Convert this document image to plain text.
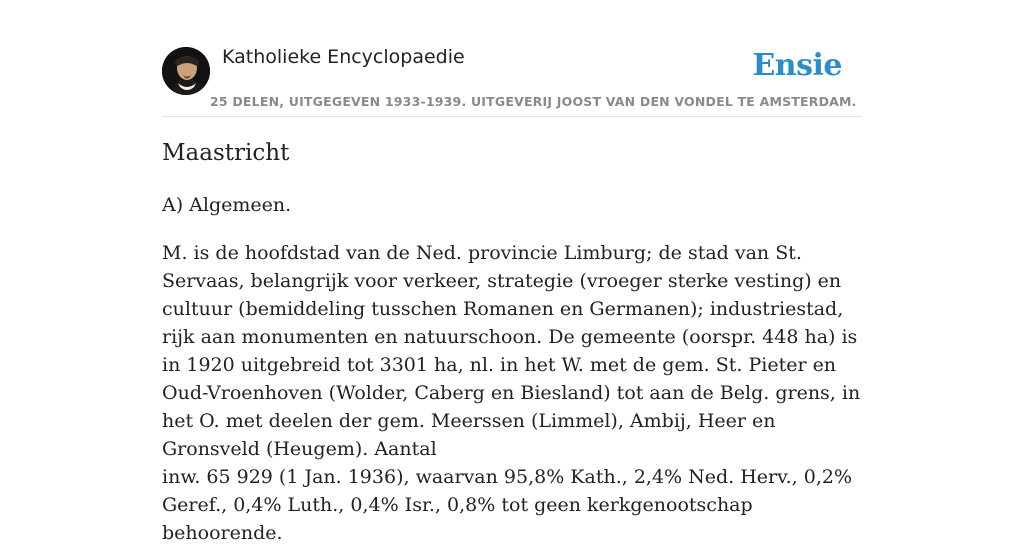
Katholieke Encyclopaedie	Ensie
25 DELEN, UITGEGEVEN 1933-1939. UITGEVERIJ JOOST VAN DEN VONDEL TE AMSTERDAM.
Maastricht
A) Algemeen.

M. is de hoofdstad van de Ned. provincie Limburg; de stad van St. Servaas, belangrijk voor verkeer, strategie (vroeger sterke vesting) en cultuur (bemiddeling tusschen Romanen en Germanen); industriestad, rijk aan monumenten en natuurschoon. De gemeente (oorspr. 448 ha) is in 1920 uitgebreid tot 3301 ha, nl. in het W. met de gem. St. Pieter en Oud-Vroenhoven (Wolder, Caberg en Biesland) tot aan de Belg. grens, in het O. met deelen der gem. Meerssen (Limmel), Ambij, Heer en Gronsveld (Heugem). Aantal

inw. 65 929 (1 Jan. 1936), waarvan 95,8% Kath., 2,4% Ned. Herv., 0,2% Geref., 0,4% Luth., 0,4% Isr., 0,8% tot geen kerkgenootschap behoorende.
